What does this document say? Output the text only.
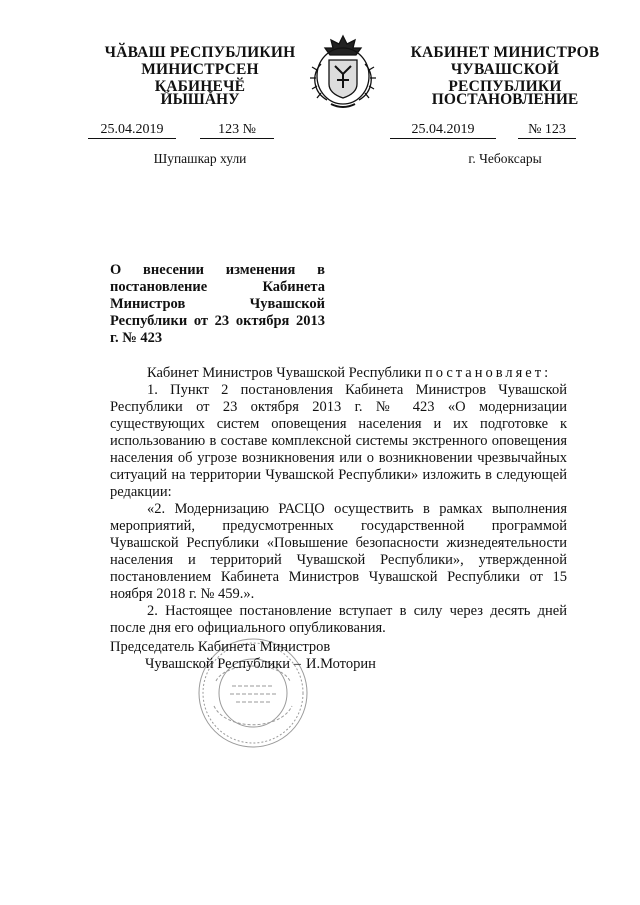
ЧӐВАШ РЕСПУБЛИКИН
МИНИСТРСЕН КАБИНЕЧӖ
ЙЫШĂНУ
25.04.2019	123 №
Шупашкар хули
КАБИНЕТ МИНИСТРОВ
ЧУВАШСКОЙ РЕСПУБЛИКИ
ПОСТАНОВЛЕНИЕ
25.04.2019	№ 123
г. Чебоксары
О внесении изменения в постановление Кабинета Министров Чувашской Республики от 23 октября 2013 г. № 423

Кабинет Министров Чувашской Республики постановляет:

1. Пункт 2 постановления Кабинета Министров Чувашской Республики от 23 октября 2013 г. № 423 «О модернизации существующих систем оповещения населения и их подготовке к использованию в составе комплексной системы экстренного оповещения населения об угрозе возникновения или о возникновении чрезвычайных ситуаций на территории Чувашской Республики» изложить в следующей редакции:

«2. Модернизацию РАСЦО осуществить в рамках выполнения мероприятий, предусмотренных государственной программой Чувашской Республики «Повышение безопасности жизнедеятельности населения и территорий Чувашской Республики», утвержденной постановлением Кабинета Министров Чувашской Республики от 15 ноября 2018 г. № 459.».

2. Настоящее постановление вступает в силу через десять дней после дня его официального опубликования.

Председатель Кабинета Министров
Чувашской Республики – И.Моторин
